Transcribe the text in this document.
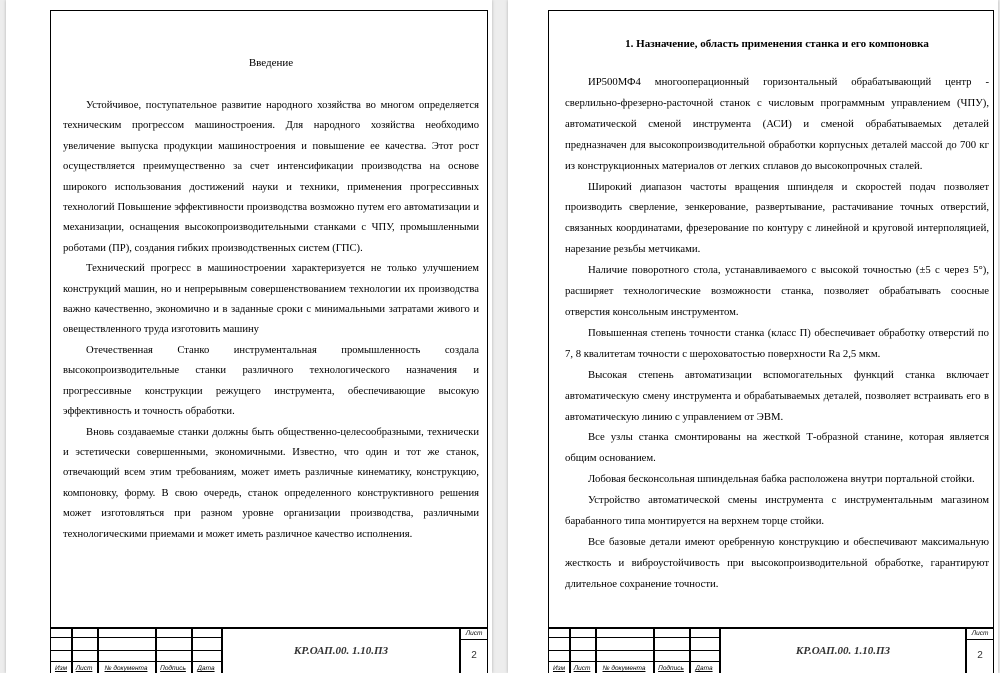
Введение

Устойчивое, поступательное развитие народного хозяйства во многом определяется техническим прогрессом машиностроения. Для народного хозяйства необходимо увеличение выпуска продукции машиностроения и повышение ее качества. Этот рост осуществляется преимущественно за счет интенсификации производства на основе широкого использования достижений науки и техники, применения прогрессивных технологий Повышение эффективности производства возможно путем его автоматизации и механизации, оснащения высокопроизводительными станками с ЧПУ, промышленными роботами (ПР), создания гибких производственных систем (ГПС).

Технический прогресс в машиностроении характеризуется не только улучшением конструкций машин, но и непрерывным совершенствованием технологии их производства важно качественно, экономично и в заданные сроки с минимальными затратами живого и овеществленного труда изготовить машину

Отечественная Станко инструментальная промышленность создала высокопроизводительные станки различного технологического назначения и прогрессивные конструкции режущего инструмента, обеспечивающие высокую эффективность и точность обработки.

Вновь создаваемые станки должны быть общественно-целесообразными, технически и эстетически совершенными, экономичными. Известно, что один и тот же станок, отвечающий всем этим требованиям, может иметь различные кинематику, конструкцию, компоновку, форму. В свою очередь, станок определенного конструктивного решения может изготовляться при разном уровне организации производства, различными технологическими приемами и может иметь различное качество исполнения.

Изм	Лист	№ документа	Подпись	Дата
КР.ОАП.00. 1.10.ПЗ
Лист
2
1. Назначение, область применения станка и его компоновка

ИР500МФ4 многооперационный горизонтальный обрабатывающий центр - сверлильно-фрезерно-расточной станок с числовым программным управлением (ЧПУ), автоматической сменой инструмента (АСИ) и сменой обрабатываемых деталей предназначен для высокопроизводительной обработки корпусных деталей массой до 700 кг из конструкционных материалов от легких сплавов до высокопрочных сталей.

Широкий диапазон частоты вращения шпинделя и скоростей подач позволяет производить сверление, зенкерование, развертывание, растачивание точных отверстий, связанных координатами, фрезерование по контуру с линейной и круговой интерполяцией, нарезание резьбы метчиками.

Наличие поворотного стола, устанавливаемого с высокой точностью (±5 с через 5°), расширяет технологические возможности станка, позволяет обрабатывать соосные отверстия консольным инструментом.

Повышенная степень точности станка (класс П) обеспечивает обработку отверстий по 7, 8 квалитетам точности с шероховатостью поверхности Ra 2,5 мкм.

Высокая степень автоматизации вспомогательных функций станка включает автоматическую смену инструмента и обрабатываемых деталей, позволяет встраивать его в автоматическую линию с управлением от ЭВМ.

Все узлы станка смонтированы на жесткой Т-образной станине, которая является общим основанием.

Лобовая бесконсольная шпиндельная бабка расположена внутри портальной стойки.

Устройство автоматической смены инструмента с инструментальным магазином барабанного типа монтируется на верхнем торце стойки.

Все базовые детали имеют оребренную конструкцию и обеспечивают максимальную жесткость и виброустойчивость при высокопроизводительной обработке, гарантируют длительное сохранение точности.

Изм	Лист	№ документа	Подпись	Дата
КР.ОАП.00. 1.10.ПЗ
Лист
2
